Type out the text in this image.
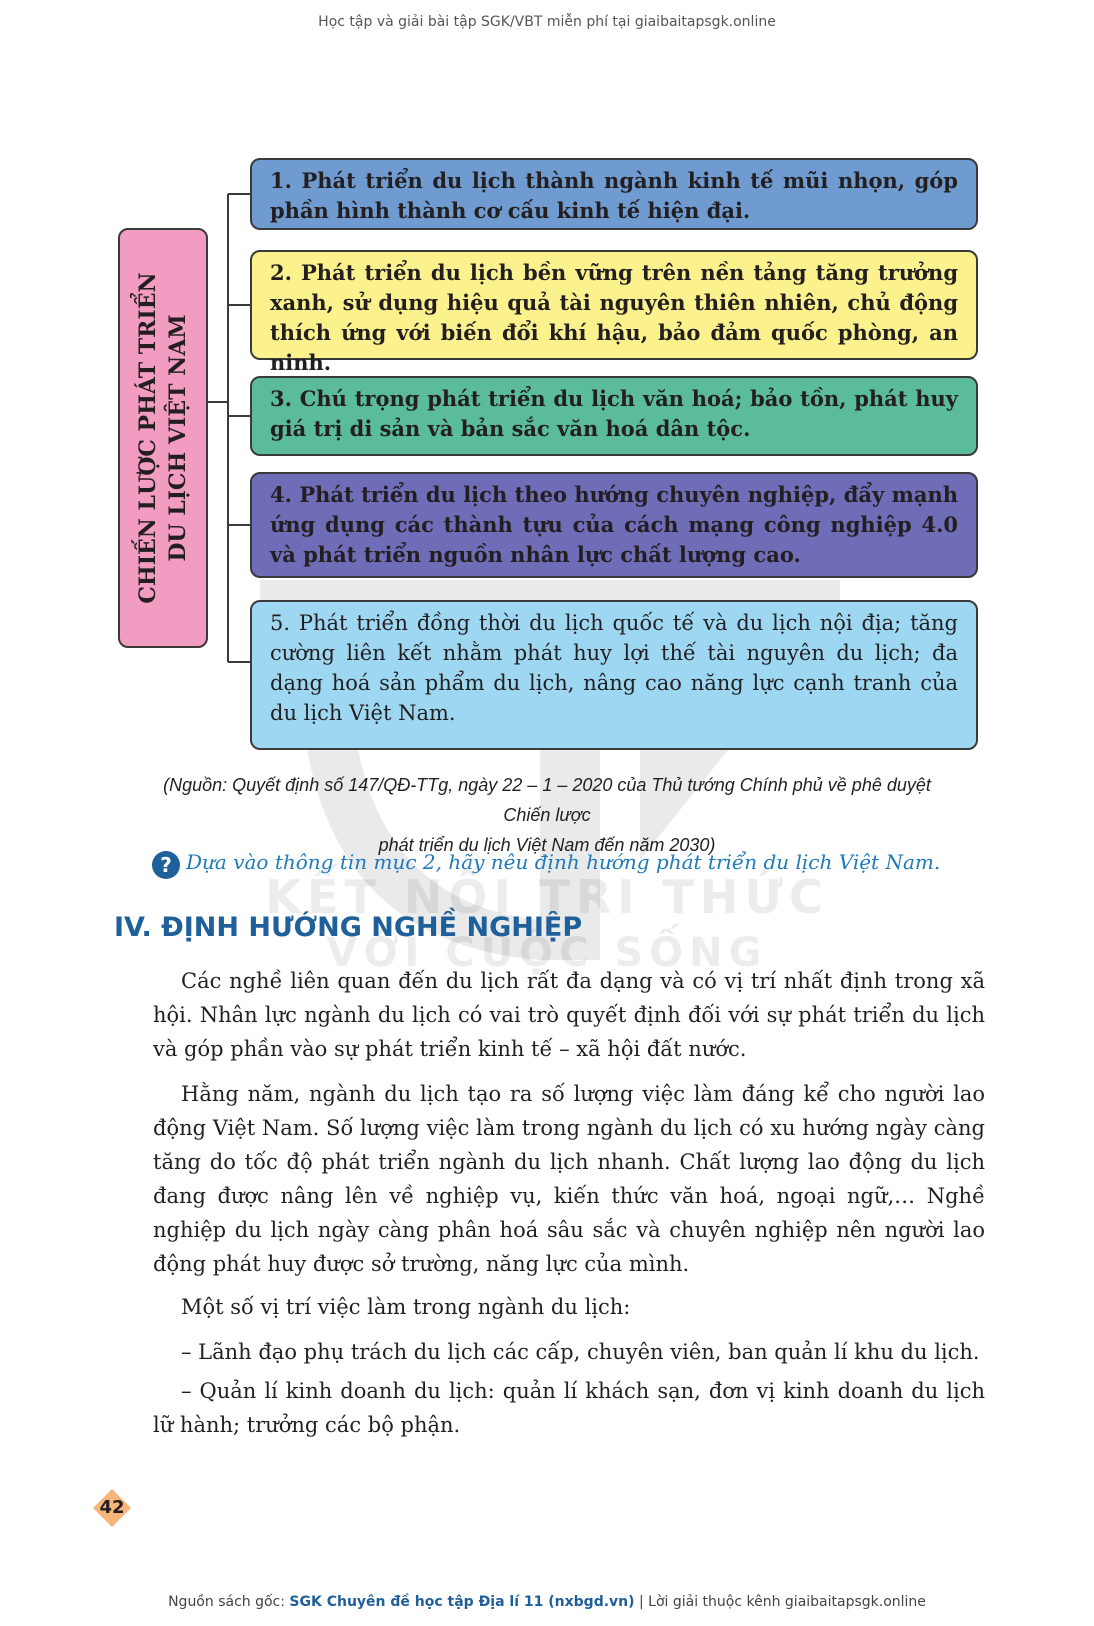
Học tập và giải bài tập SGK/VBT miễn phí tại giaibaitapsgk.online
KẾT NỐI TRI THỨC
VỚI CUỘC SỐNG
CHIẾN LƯỢC PHÁT TRIỂN DU LỊCH VIỆT NAM
1. Phát triển du lịch thành ngành kinh tế mũi nhọn, góp phần hình thành cơ cấu kinh tế hiện đại.
2. Phát triển du lịch bền vững trên nền tảng tăng trưởng xanh, sử dụng hiệu quả tài nguyên thiên nhiên, chủ động thích ứng với biến đổi khí hậu, bảo đảm quốc phòng, an ninh.
3. Chú trọng phát triển du lịch văn hoá; bảo tồn, phát huy giá trị di sản và bản sắc văn hoá dân tộc.
4. Phát triển du lịch theo hướng chuyên nghiệp, đẩy mạnh ứng dụng các thành tựu của cách mạng công nghiệp 4.0 và phát triển nguồn nhân lực chất lượng cao.
5. Phát triển đồng thời du lịch quốc tế và du lịch nội địa; tăng cường liên kết nhằm phát huy lợi thế tài nguyên du lịch; đa dạng hoá sản phẩm du lịch, nâng cao năng lực cạnh tranh của du lịch Việt Nam.
(Nguồn: Quyết định số 147/QĐ-TTg, ngày 22 – 1 – 2020 của Thủ tướng Chính phủ về phê duyệt Chiến lược
phát triển du lịch Việt Nam đến năm 2030)
? Dựa vào thông tin mục 2, hãy nêu định hướng phát triển du lịch Việt Nam.
IV. ĐỊNH HƯỚNG NGHỀ NGHIỆP
Các nghề liên quan đến du lịch rất đa dạng và có vị trí nhất định trong xã hội. Nhân lực ngành du lịch có vai trò quyết định đối với sự phát triển du lịch và góp phần vào sự phát triển kinh tế – xã hội đất nước.
Hằng năm, ngành du lịch tạo ra số lượng việc làm đáng kể cho người lao động Việt Nam. Số lượng việc làm trong ngành du lịch có xu hướng ngày càng tăng do tốc độ phát triển ngành du lịch nhanh. Chất lượng lao động du lịch đang được nâng lên về nghiệp vụ, kiến thức văn hoá, ngoại ngữ,… Nghề nghiệp du lịch ngày càng phân hoá sâu sắc và chuyên nghiệp nên người lao động phát huy được sở trường, năng lực của mình.
Một số vị trí việc làm trong ngành du lịch:
– Lãnh đạo phụ trách du lịch các cấp, chuyên viên, ban quản lí khu du lịch.
– Quản lí kinh doanh du lịch: quản lí khách sạn, đơn vị kinh doanh du lịch lữ hành; trưởng các bộ phận.
42
Nguồn sách gốc: SGK Chuyên đề học tập Địa lí 11 (nxbgd.vn) | Lời giải thuộc kênh giaibaitapsgk.online
